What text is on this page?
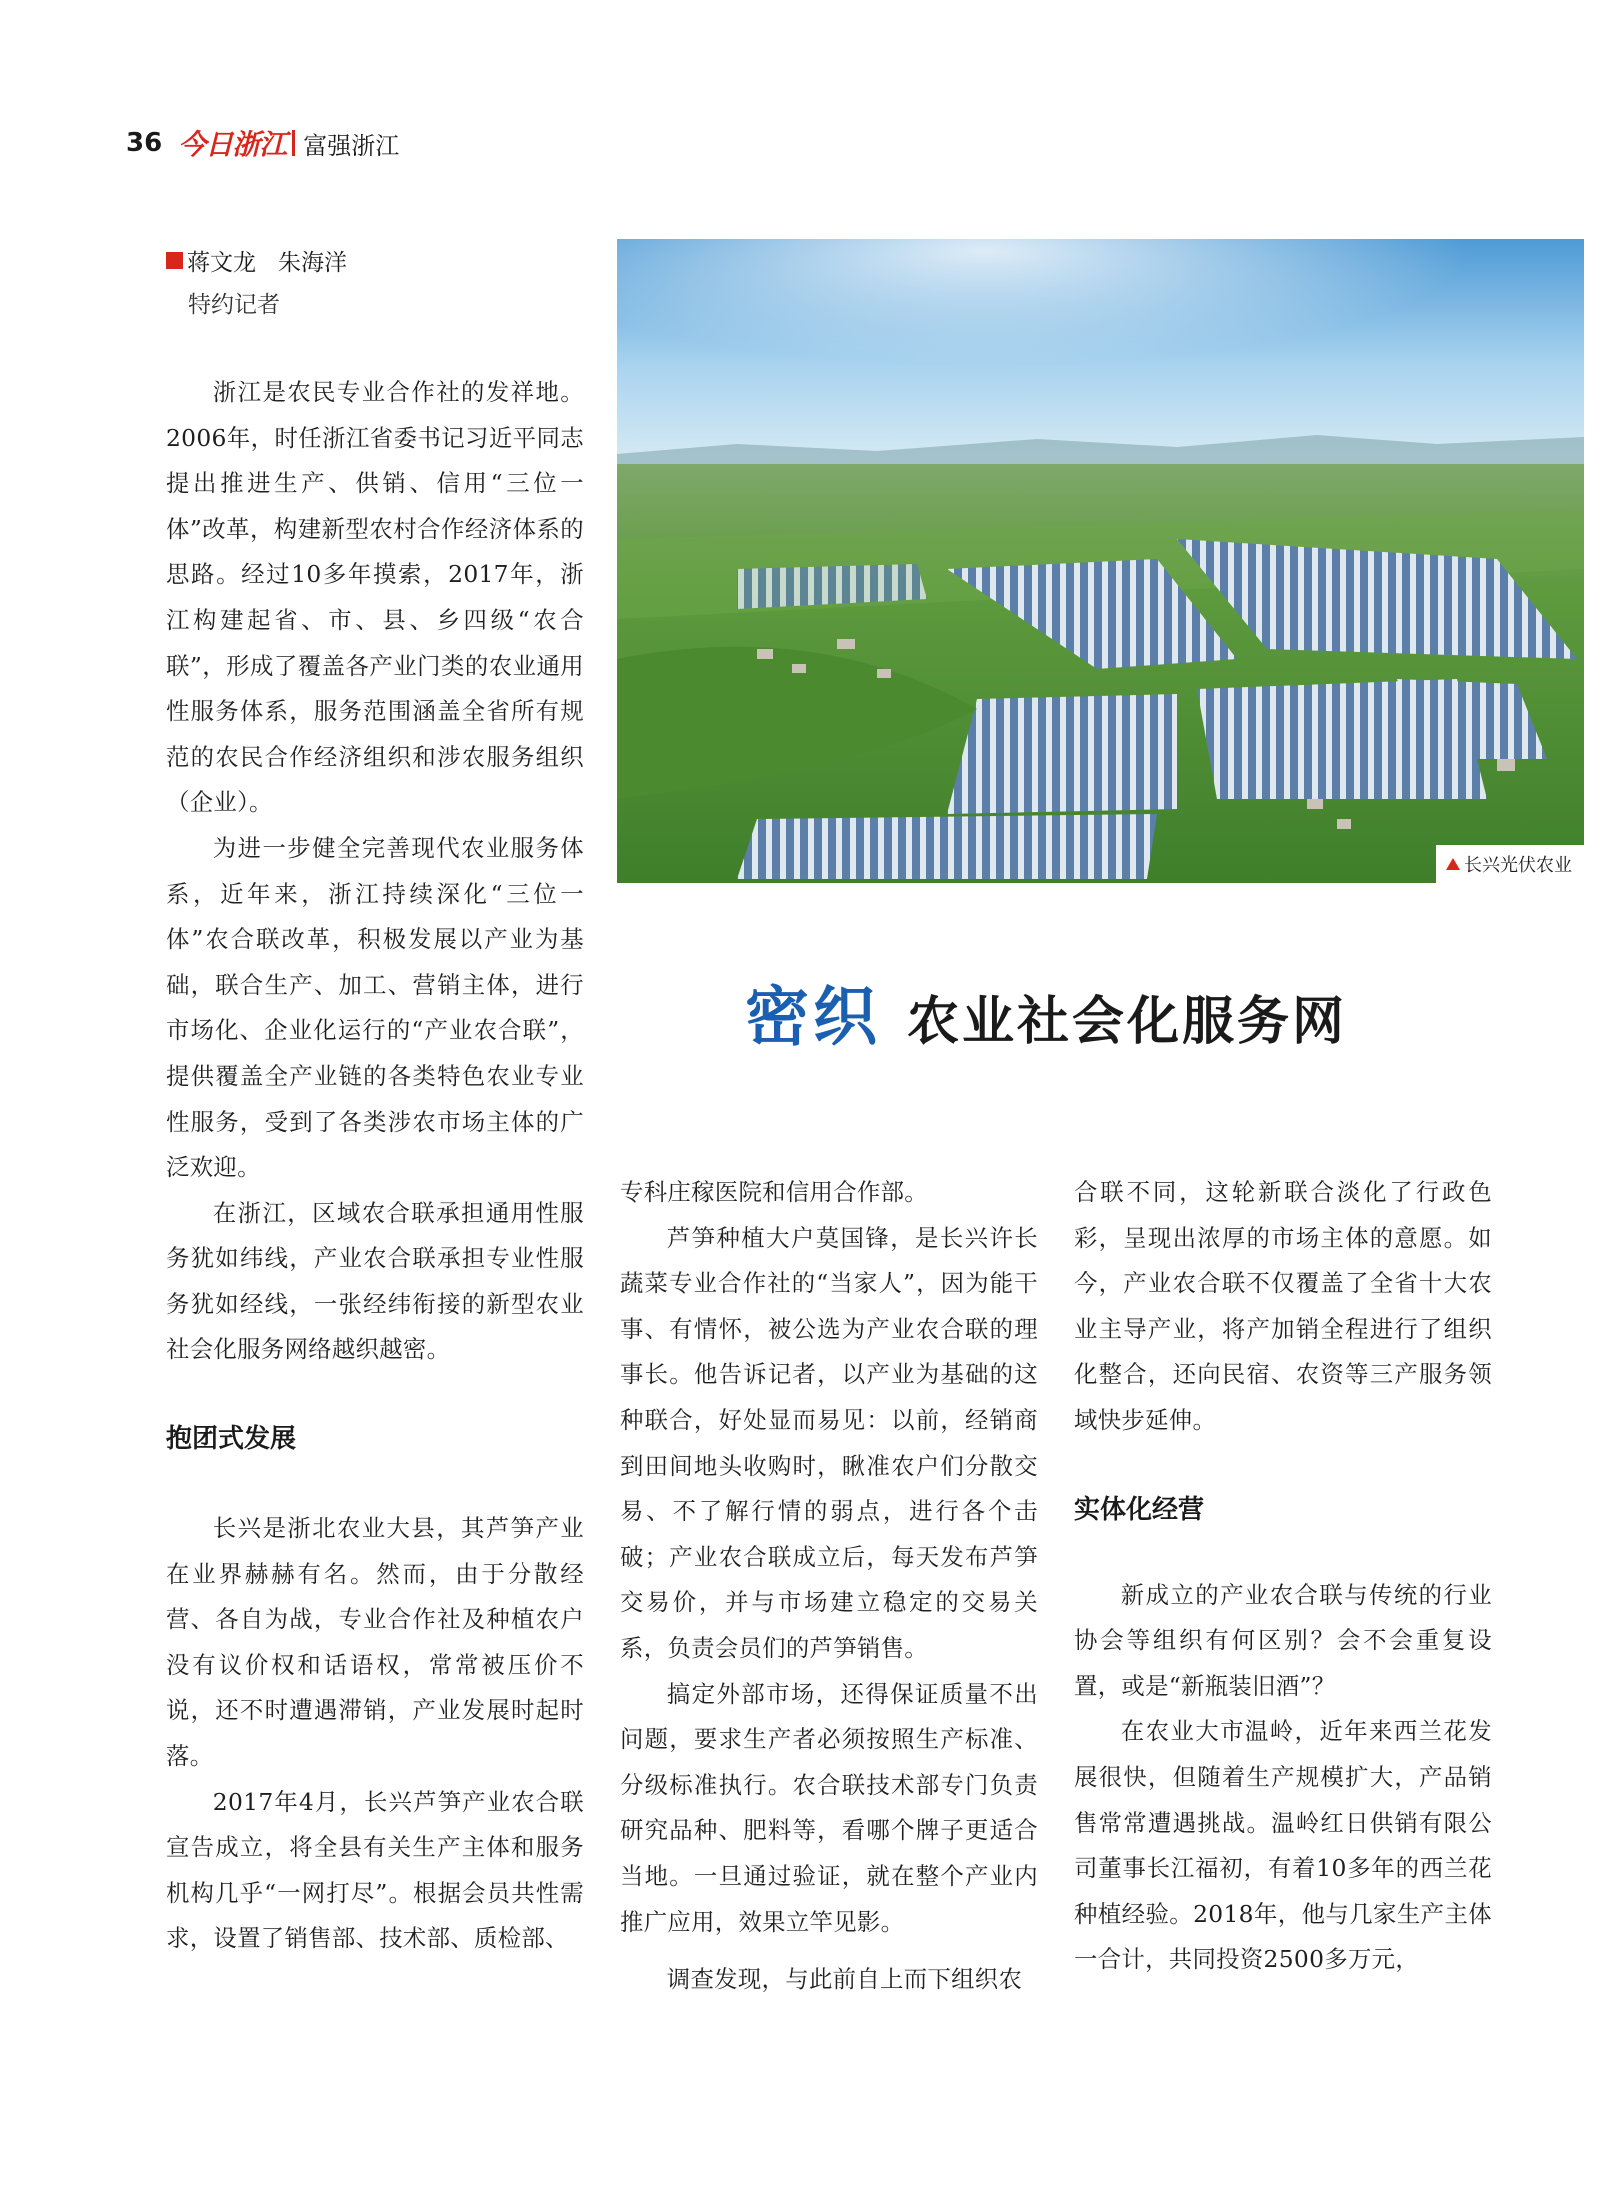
36 今日浙江 富强浙江
蒋文龙 朱海洋
特约记者

浙江是农民专业合作社的发祥地。2006年，时任浙江省委书记习近平同志提出推进生产、供销、信用“三位一体”改革，构建新型农村合作经济体系的思路。经过10多年摸索，2017年，浙江构建起省、市、县、乡四级“农合联”，形成了覆盖各产业门类的农业通用性服务体系，服务范围涵盖全省所有规范的农民合作经济组织和涉农服务组织（企业）。

为进一步健全完善现代农业服务体系，近年来，浙江持续深化“三位一体”农合联改革，积极发展以产业为基础，联合生产、加工、营销主体，进行市场化、企业化运行的“产业农合联”，提供覆盖全产业链的各类特色农业专业性服务，受到了各类涉农市场主体的广泛欢迎。

在浙江，区域农合联承担通用性服务犹如纬线，产业农合联承担专业性服务犹如经线，一张经纬衔接的新型农业社会化服务网络越织越密。

抱团式发展

长兴是浙北农业大县，其芦笋产业在业界赫赫有名。然而，由于分散经营、各自为战，专业合作社及种植农户没有议价权和话语权，常常被压价不说，还不时遭遇滞销，产业发展时起时落。

2017年4月，长兴芦笋产业农合联宣告成立，将全县有关生产主体和服务机构几乎“一网打尽”。根据会员共性需求，设置了销售部、技术部、质检部、

长兴光伏农业
密织 农业社会化服务网

专科庄稼医院和信用合作部。

芦笋种植大户莫国锋，是长兴许长蔬菜专业合作社的“当家人”，因为能干事、有情怀，被公选为产业农合联的理事长。他告诉记者，以产业为基础的这种联合，好处显而易见：以前，经销商到田间地头收购时，瞅准农户们分散交易、不了解行情的弱点，进行各个击破；产业农合联成立后，每天发布芦笋交易价，并与市场建立稳定的交易关系，负责会员们的芦笋销售。

搞定外部市场，还得保证质量不出问题，要求生产者必须按照生产标准、分级标准执行。农合联技术部专门负责研究品种、肥料等，看哪个牌子更适合当地。一旦通过验证，就在整个产业内推广应用，效果立竿见影。

调查发现，与此前自上而下组织农

合联不同，这轮新联合淡化了行政色彩，呈现出浓厚的市场主体的意愿。如今，产业农合联不仅覆盖了全省十大农业主导产业，将产加销全程进行了组织化整合，还向民宿、农资等三产服务领域快步延伸。

实体化经营

新成立的产业农合联与传统的行业协会等组织有何区别？会不会重复设置，或是“新瓶装旧酒”？

在农业大市温岭，近年来西兰花发展很快，但随着生产规模扩大，产品销售常常遭遇挑战。温岭红日供销有限公司董事长江福初，有着10多年的西兰花种植经验。2018年，他与几家生产主体一合计，共同投资2500多万元，
